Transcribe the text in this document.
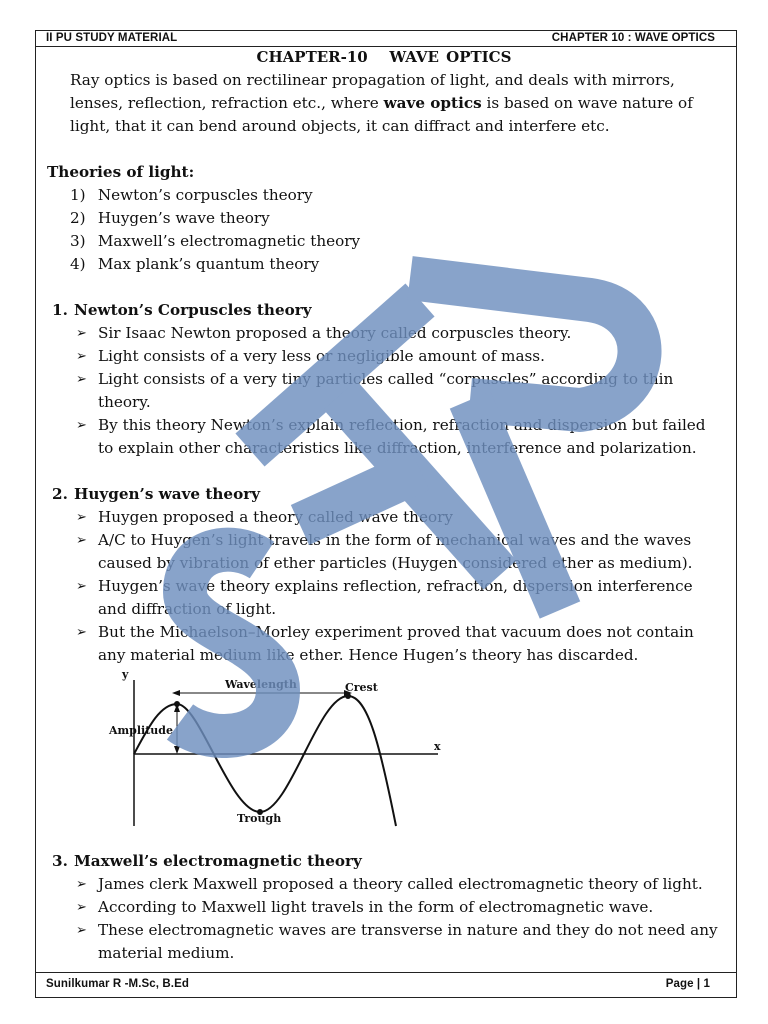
II PU STUDY MATERIAL	CHAPTER 10 : WAVE OPTICS
CHAPTER-10   WAVE OPTICS
Ray optics is based on rectilinear propagation of light, and deals with mirrors, lenses, reflection, refraction etc., where wave optics is based on wave nature of light, that it can bend around objects, it can diffract and interfere etc.
Theories of light:
1) Newton’s corpuscles theory
2) Huygen’s wave theory
3) Maxwell’s electromagnetic theory
4) Max plank’s quantum theory
1. Newton’s Corpuscles theory
➢ Sir Isaac Newton proposed a theory called corpuscles theory.
➢ Light consists of a very less or negligible amount of mass.
➢ Light consists of a very tiny particles called “corpuscles” according to thin theory.
➢ By this theory Newton’s explain reflection, refraction and dispersion but failed to explain other characteristics like diffraction, interference and polarization.
2. Huygen’s wave theory
➢ Huygen proposed a theory called wave theory
➢ A/C to Huygen’s light travels in the form of mechanical waves and the waves caused by vibration of ether particles (Huygen considered ether as medium).
➢ Huygen’s wave theory explains reflection, refraction, dispersion interference and diffraction of light.
➢ But the Michaelson–Morley experiment proved that vacuum does not contain any material medium like ether. Hence Hugen’s theory has discarded.
y
x
Wavelength	Crest
Amplitude
Trough
3. Maxwell’s electromagnetic theory
➢ James clerk Maxwell proposed a theory called electromagnetic theory of light.
➢ According to Maxwell light travels in the form of electromagnetic wave.
➢ These electromagnetic waves are transverse in nature and they do not need any material medium.
Sunilkumar R -M.Sc, B.Ed	Page | 1
